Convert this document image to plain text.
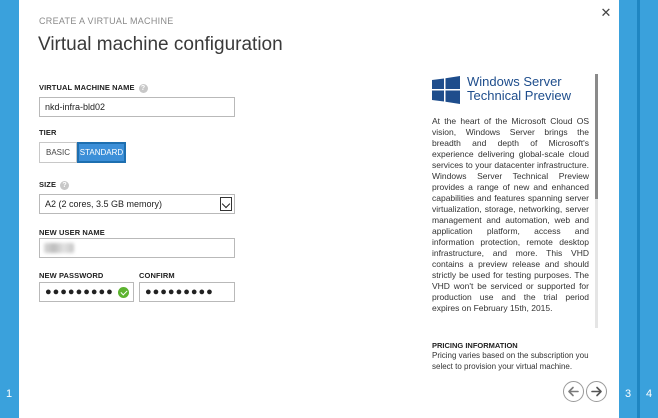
1	3 4
✕
CREATE A VIRTUAL MACHINE
Virtual machine configuration
VIRTUAL MACHINE NAME ?
nkd-infra-bld02
TIER
BASIC	STANDARD
SIZE ?
A2 (2 cores, 3.5 GB memory)
NEW USER NAME
NEW PASSWORD
●●●●●●●●●
CONFIRM
●●●●●●●●●
Windows Server
Technical Preview

At the heart of the Microsoft Cloud OS vision, Windows Server brings the breadth and depth of Microsoft's experience delivering global-scale cloud services to your datacenter infrastructure. Windows Server Technical Preview provides a range of new and enhanced capabilities and features spanning server virtualization, storage, networking, server management and automation, web and application platform, access and information protection, remote desktop infrastructure, and more. This VHD contains a preview release and should strictly be used for testing purposes. The VHD won't be serviced or supported for production use and the trial period expires on February 15th, 2015.

PRICING INFORMATION
Pricing varies based on the subscription you select to provision your virtual machine.
